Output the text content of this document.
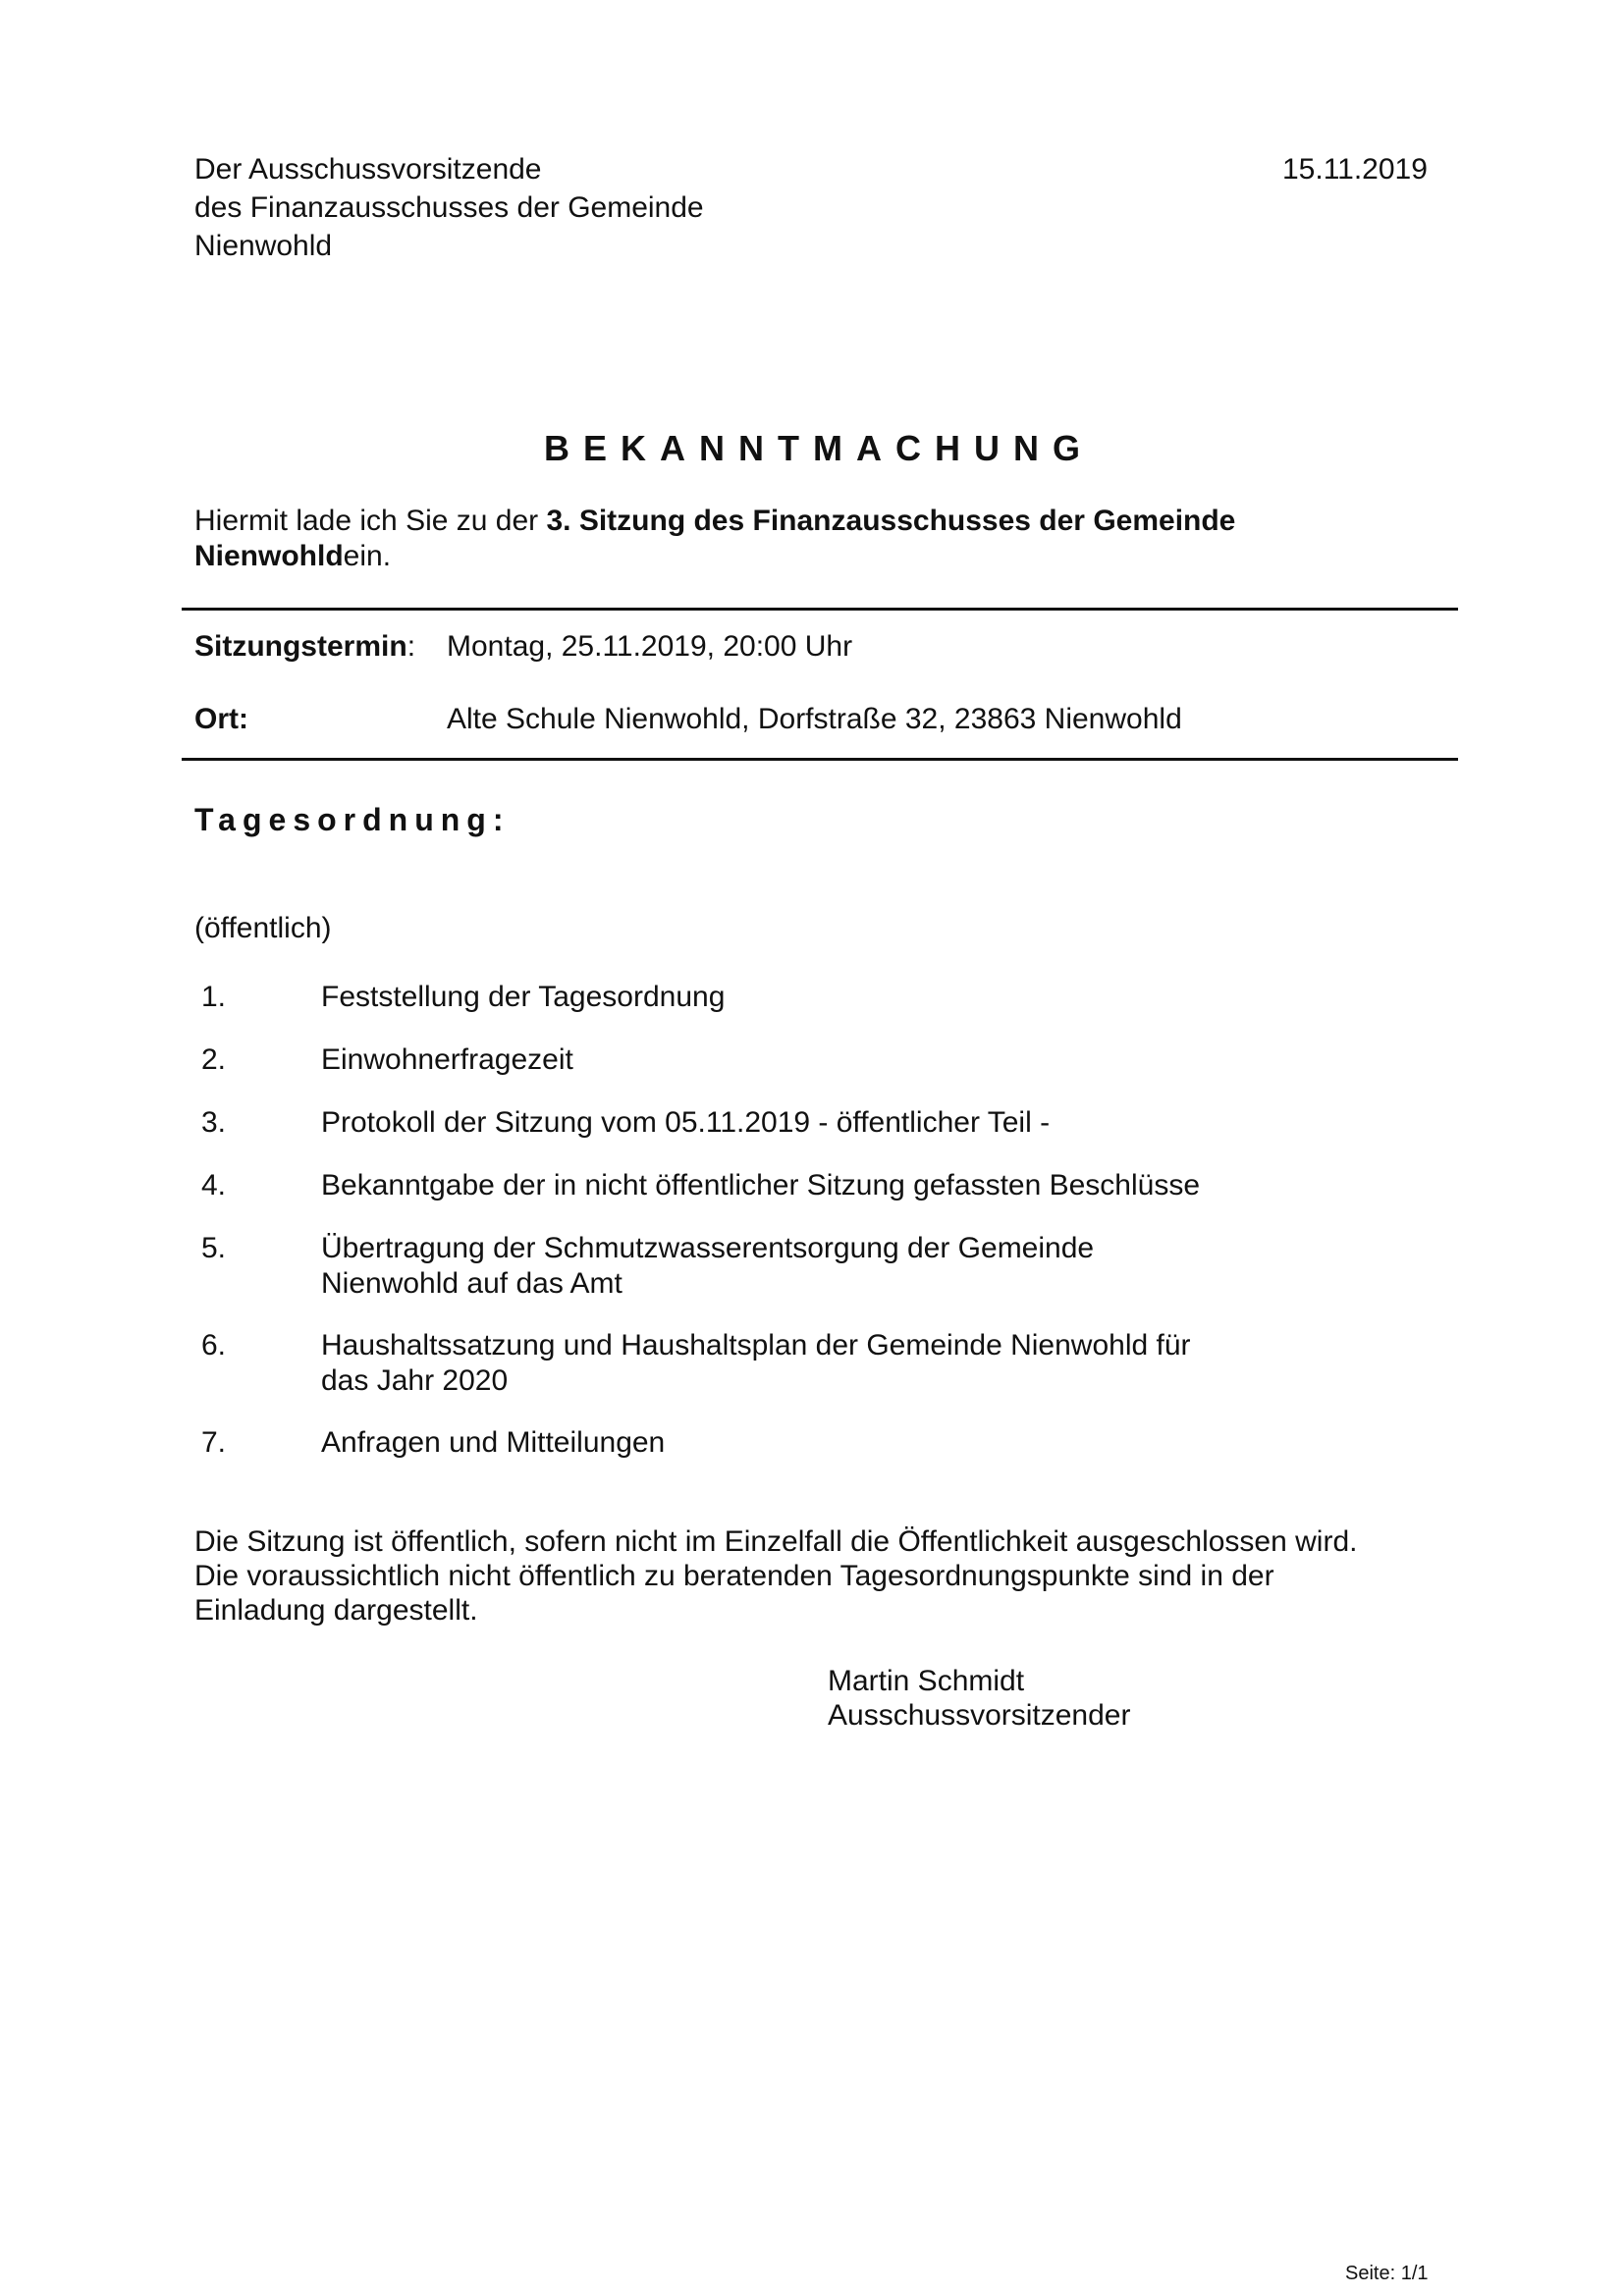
Der Ausschussvorsitzende
des Finanzausschusses der Gemeinde
Nienwohld
15.11.2019
BEKANNTMACHUNG
Hiermit lade ich Sie zu der 3. Sitzung des Finanzausschusses der Gemeinde
Nienwohldein.
Sitzungstermin: Montag, 25.11.2019, 20:00 Uhr
Ort:	Alte Schule Nienwohld, Dorfstraße 32, 23863 Nienwohld
Tagesordnung:
(öffentlich)
1.	Feststellung der Tagesordnung
2.	Einwohnerfragezeit
3.	Protokoll der Sitzung vom 05.11.2019 - öffentlicher Teil -
4.	Bekanntgabe der in nicht öffentlicher Sitzung gefassten Beschlüsse
5.	Übertragung der Schmutzwasserentsorgung der Gemeinde
Nienwohld auf das Amt
6.	Haushaltssatzung und Haushaltsplan der Gemeinde Nienwohld für
das Jahr 2020
7.	Anfragen und Mitteilungen
Die Sitzung ist öffentlich, sofern nicht im Einzelfall die Öffentlichkeit ausgeschlossen wird.
Die voraussichtlich nicht öffentlich zu beratenden Tagesordnungspunkte sind in der
Einladung dargestellt.
Martin Schmidt
Ausschussvorsitzender
Seite: 1/1
